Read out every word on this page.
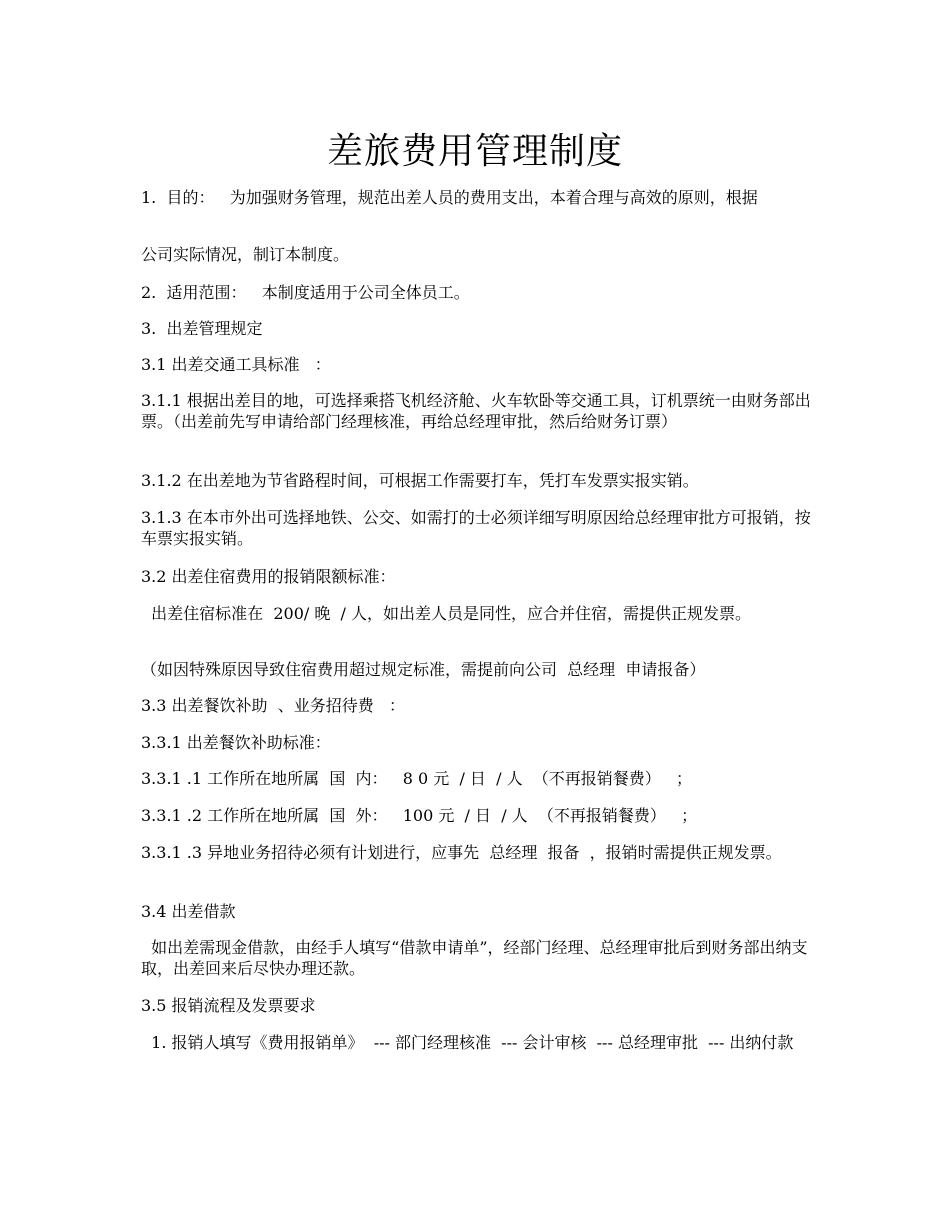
差旅费用管理制度

1.  目的：   为加强财务管理，规范出差人员的费用支出，本着合理与高效的原则，根据

公司实际情况，制订本制度。

2.  适用范围：   本制度适用于公司全体员工。

3.  出差管理规定

3.1 出差交通工具标准   ：

3.1.1 根据出差目的地，可选择乘搭飞机经济舱、火车软卧等交通工具，订机票统一由财务部出票。（出差前先写申请给部门经理核准，再给总经理审批，然后给财务订票）

3.1.2 在出差地为节省路程时间，可根据工作需要打车，凭打车发票实报实销。

3.1.3 在本市外出可选择地铁、公交、如需打的士必须详细写明原因给总经理审批方可报销，按车票实报实销。

3.2 出差住宿费用的报销限额标准：

出差住宿标准在  200/ 晚  / 人，如出差人员是同性，应合并住宿，需提供正规发票。

（如因特殊原因导致住宿费用超过规定标准，需提前向公司  总经理  申请报备）

3.3 出差餐饮补助  、业务招待费   ：

3.3.1 出差餐饮补助标准：

3.3.1 .1 工作所在地所属  国  内：   8 0 元  / 日  / 人  （不再报销餐费）   ；

3.3.1 .2 工作所在地所属  国  外：   100 元  / 日  / 人  （不再报销餐费）   ；

3.3.1 .3 异地业务招待必须有计划进行，应事先  总经理  报备  ，报销时需提供正规发票。

3.4 出差借款

如出差需现金借款，由经手人填写“借款申请单”，经部门经理、总经理审批后到财务部出纳支取，出差回来后尽快办理还款。

3.5 报销流程及发票要求

1. 报销人填写《费用报销单》  --- 部门经理核准  --- 会计审核  --- 总经理审批  --- 出纳付款
